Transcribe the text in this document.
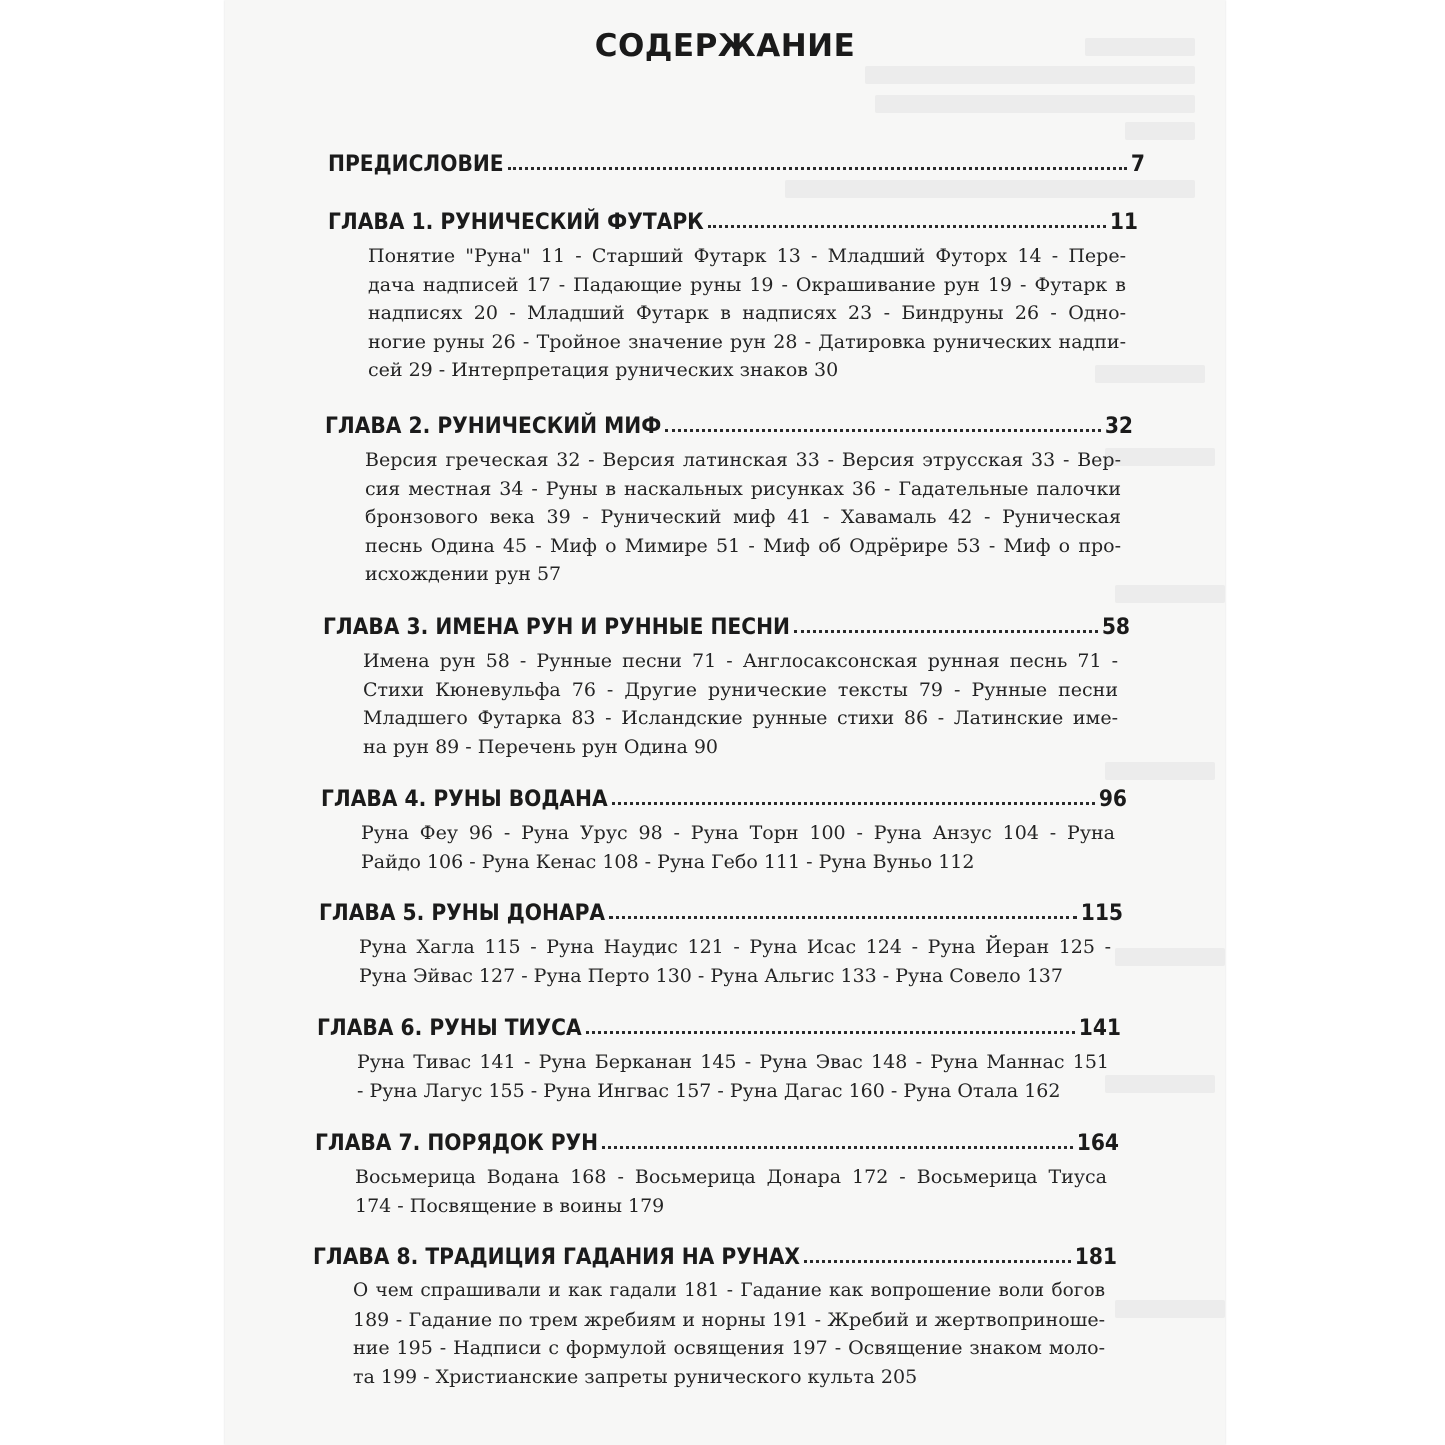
СОДЕРЖАНИЕ
ПРЕДИСЛОВИЕ	7
ГЛАВА 1. РУНИЧЕСКИЙ ФУТАРК	11
Понятие "Руна" 11 - Старший Футарк 13 - Младший Футорх 14 - Пере-
дача надписей 17 - Падающие руны 19 - Окрашивание рун 19 - Футарк в
надписях 20 - Младший Футарк в надписях 23 - Биндруны 26 - Одно-
ногие руны 26 - Тройное значение рун 28 - Датировка рунических надпи-
сей 29 - Интерпретация рунических знаков 30
ГЛАВА 2. РУНИЧЕСКИЙ МИФ	32
Версия греческая 32 - Версия латинская 33 - Версия этрусская 33 - Вер-
сия местная 34 - Руны в наскальных рисунках 36 - Гадательные палочки
бронзового века 39 - Рунический миф 41 - Хавамаль 42 - Руническая
песнь Одина 45 - Миф о Мимире 51 - Миф об Одрёрире 53 - Миф о про-
исхождении рун 57
ГЛАВА 3. ИМЕНА РУН И РУННЫЕ ПЕСНИ	58
Имена рун 58 - Рунные песни 71 - Англосаксонская рунная песнь 71 -
Стихи Кюневульфа 76 - Другие рунические тексты 79 - Рунные песни
Младшего Футарка 83 - Исландские рунные стихи 86 - Латинские име-
на рун 89 - Перечень рун Одина 90
ГЛАВА 4. РУНЫ ВОДАНА	96
Руна Феу 96 - Руна Урус 98 - Руна Торн 100 - Руна Анзус 104 - Руна
Райдо 106 - Руна Кенас 108 - Руна Гебо 111 - Руна Вуньо 112
ГЛАВА 5. РУНЫ ДОНАРА	115
Руна Хагла 115 - Руна Наудис 121 - Руна Исас 124 - Руна Йеран 125 -
Руна Эйвас 127 - Руна Перто 130 - Руна Альгис 133 - Руна Совело 137
ГЛАВА 6. РУНЫ ТИУСА	141
Руна Тивас 141 - Руна Берканан 145 - Руна Эвас 148 - Руна Маннас 151
- Руна Лагус 155 - Руна Ингвас 157 - Руна Дагас 160 - Руна Отала 162
ГЛАВА 7. ПОРЯДОК РУН	164
Восьмерица Водана 168 - Восьмерица Донара 172 - Восьмерица Тиуса
174 - Посвящение в воины 179
ГЛАВА 8. ТРАДИЦИЯ ГАДАНИЯ НА РУНАХ	181
О чем спрашивали и как гадали 181 - Гадание как вопрошение воли богов
189 - Гадание по трем жребиям и норны 191 - Жребий и жертвоприноше-
ние 195 - Надписи с формулой освящения 197 - Освящение знаком моло-
та 199 - Христианские запреты рунического культа 205
